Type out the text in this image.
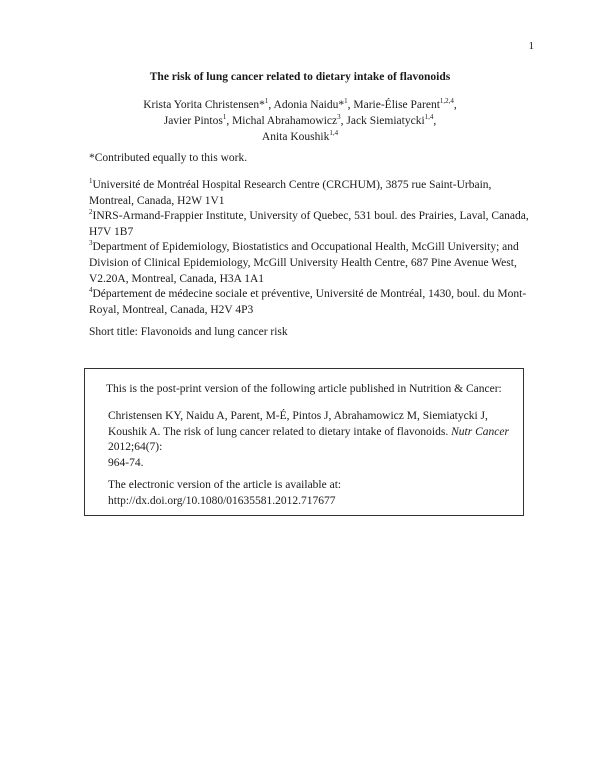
1
The risk of lung cancer related to dietary intake of flavonoids
Krista Yorita Christensen*$^1$, Adonia Naidu*$^1$, Marie-Élise Parent$^{1,2,4}$,
Javier Pintos$^1$, Michal Abrahamowicz$^3$, Jack Siemiatycki$^{1,4}$,
Anita Koushik$^{1,4}$
*Contributed equally to this work.

$^1$Université de Montréal Hospital Research Centre (CRCHUM), 3875 rue Saint-Urbain, Montreal, Canada, H2W 1V1

$^2$INRS-Armand-Frappier Institute, University of Quebec, 531 boul. des Prairies, Laval, Canada, H7V 1B7

$^3$Department of Epidemiology, Biostatistics and Occupational Health, McGill University; and Division of Clinical Epidemiology, McGill University Health Centre, 687 Pine Avenue West, V2.20A, Montreal, Canada, H3A 1A1

$^4$Département de médecine sociale et préventive, Université de Montréal, 1430, boul. du Mont-Royal, Montreal, Canada, H2V 4P3

Short title: Flavonoids and lung cancer risk
This is the post-print version of the following article published in Nutrition & Cancer:
Christensen KY, Naidu A, Parent, M-É, Pintos J, Abrahamowicz M, Siemiatycki J, Koushik A. The risk of lung cancer related to dietary intake of flavonoids. Nutr Cancer 2012;64(7):
964-74.
The electronic version of the article is available at:
http://dx.doi.org/10.1080/01635581.2012.717677
